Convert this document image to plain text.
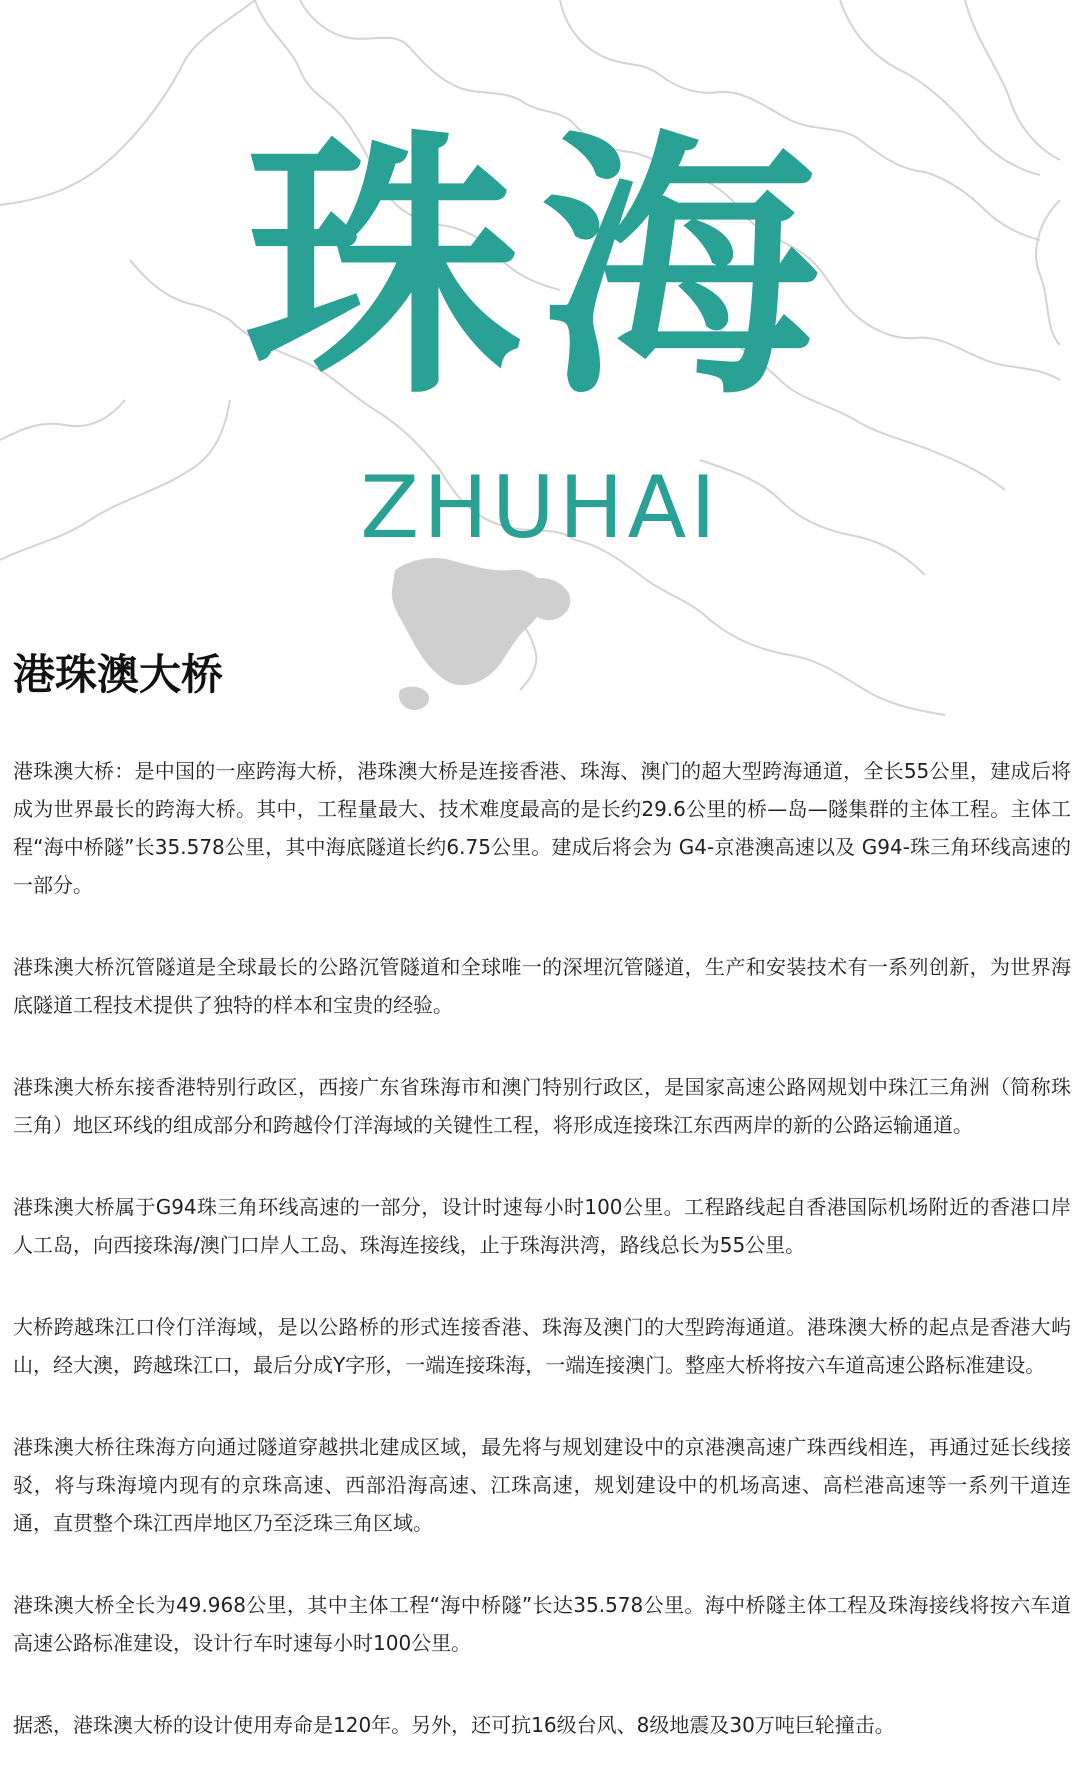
珠海
ZHUHAI
港珠澳大桥

港珠澳大桥：是中国的一座跨海大桥，港珠澳大桥是连接香港、珠海、澳门的超大型跨海通道，全长55公里，建成后将成为世界最长的跨海大桥。其中，工程量最大、技术难度最高的是长约29.6公里的桥—岛—隧集群的主体工程。主体工程“海中桥隧”长35.578公里，其中海底隧道长约6.75公里。建成后将会为 G4-京港澳高速以及 G94-珠三角环线高速的一部分。

港珠澳大桥沉管隧道是全球最长的公路沉管隧道和全球唯一的深埋沉管隧道，生产和安装技术有一系列创新，为世界海底隧道工程技术提供了独特的样本和宝贵的经验。

港珠澳大桥东接香港特别行政区，西接广东省珠海市和澳门特别行政区，是国家高速公路网规划中珠江三角洲（简称珠三角）地区环线的组成部分和跨越伶仃洋海域的关键性工程，将形成连接珠江东西两岸的新的公路运输通道。

港珠澳大桥属于G94珠三角环线高速的一部分，设计时速每小时100公里。工程路线起自香港国际机场附近的香港口岸人工岛，向西接珠海/澳门口岸人工岛、珠海连接线，止于珠海洪湾，路线总长为55公里。

大桥跨越珠江口伶仃洋海域，是以公路桥的形式连接香港、珠海及澳门的大型跨海通道。港珠澳大桥的起点是香港大屿山，经大澳，跨越珠江口，最后分成Y字形，一端连接珠海，一端连接澳门。整座大桥将按六车道高速公路标准建设。

港珠澳大桥往珠海方向通过隧道穿越拱北建成区域，最先将与规划建设中的京港澳高速广珠西线相连，再通过延长线接驳，将与珠海境内现有的京珠高速、西部沿海高速、江珠高速，规划建设中的机场高速、高栏港高速等一系列干道连通，直贯整个珠江西岸地区乃至泛珠三角区域。

港珠澳大桥全长为49.968公里，其中主体工程“海中桥隧”长达35.578公里。海中桥隧主体工程及珠海接线将按六车道高速公路标准建设，设计行车时速每小时100公里。

据悉，港珠澳大桥的设计使用寿命是120年。另外，还可抗16级台风、8级地震及30万吨巨轮撞击。
